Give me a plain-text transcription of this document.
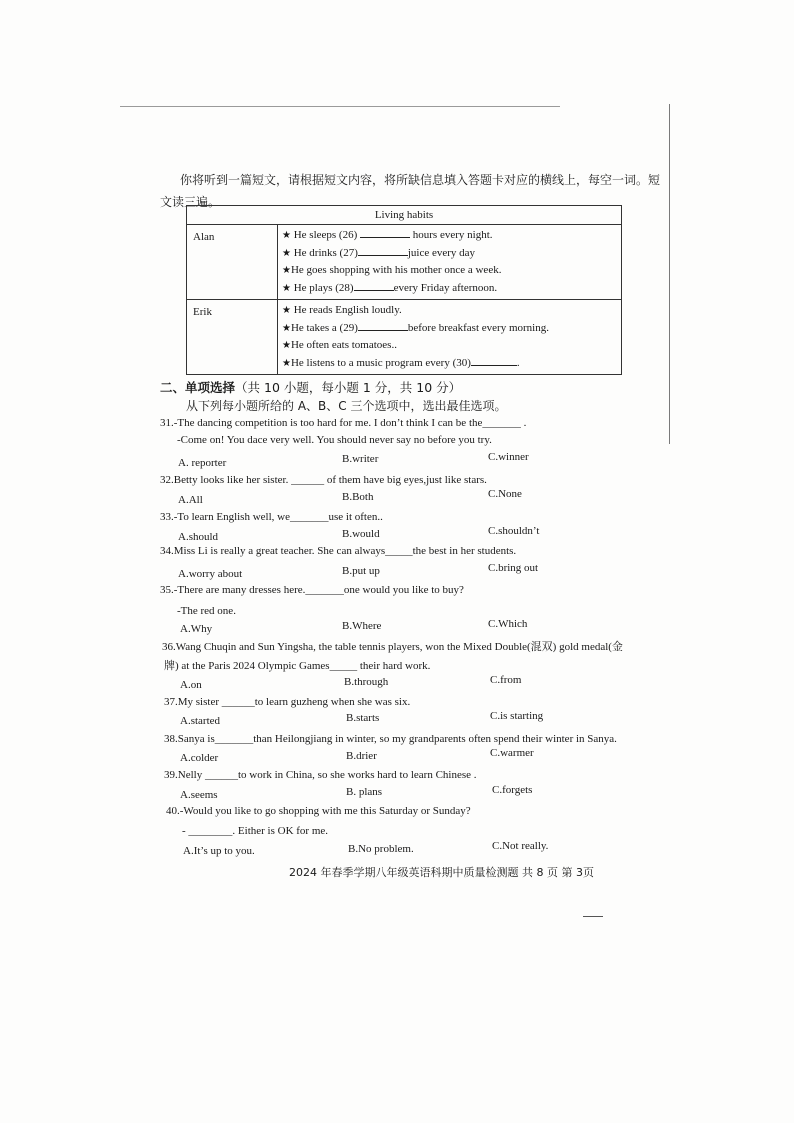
你将听到一篇短文，请根据短文内容，将所缺信息填入答题卡对应的横线上，每空一词。短
文读三遍。
Living habits	
Alan	★ He sleeps (26) hours every night.
★ He drinks (27) juice every day
★He goes shopping with his mother once a week.
★ He plays (28) every Friday afternoon.

Erik	★ He reads English loudly.
★He takes a (29) before breakfast every morning.
★He often eats tomatoes..
★He listens to a music program every (30) .
二、单项选择（共 10 小题，每小题 1 分，共 10 分）
从下列每小题所给的 A、B、C 三个选项中，选出最佳选项。
31.-The dancing competition is too hard for me. I don’t think I can be the_______ .
-Come on! You dace very well. You should never say no before you try.
A. reporter	B.writer	C.winner
32.Betty looks like her sister. ______ of them have big eyes,just like stars.
A.All	B.Both	C.None
33.-To learn English well, we_______use it often..
A.should	B.would	C.shouldn’t
34.Miss Li is really a great teacher. She can always_____the best in her students.
A.worry about	B.put up	C.bring out
35.-There are many dresses here._______one would you like to buy?
-The red one.
A.Why	B.Where	C.Which
36.Wang Chuqin and Sun Yingsha, the table tennis players, won the Mixed Double(混双) gold medal(金
牌) at the Paris 2024 Olympic Games_____ their hard work.
A.on	B.through	C.from
37.My sister ______to learn guzheng when she was six.
A.started	B.starts	C.is starting
38.Sanya is_______than Heilongjiang in winter, so my grandparents often spend their winter in Sanya.
A.colder	B.drier	C.warmer
39.Nelly ______to work in China, so she works hard to learn Chinese .
A.seems	B. plans	C.forgets
40.-Would you like to go shopping with me this Saturday or Sunday?
- ________. Either is OK for me.
A.It’s up to you.	B.No problem.	C.Not really.
2024 年春季学期八年级英语科期中质量检测题 共 8 页 第 3页
